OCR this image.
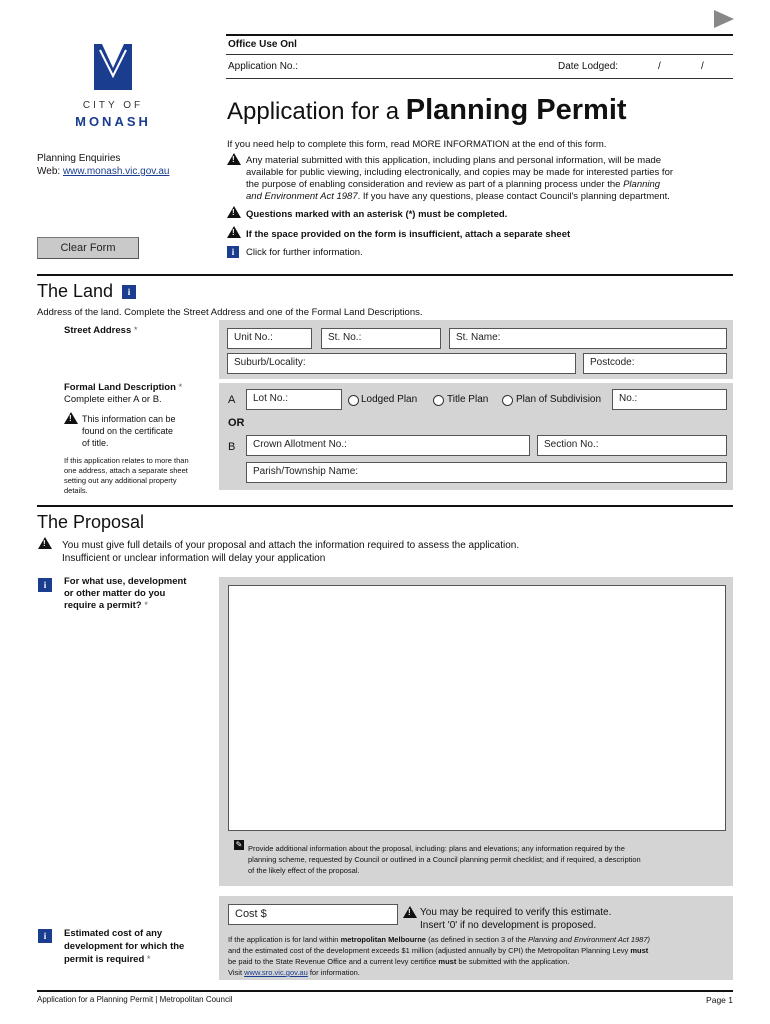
CITY OF
MONASH
Planning Enquiries
Web: www.monash.vic.gov.au
Clear Form
Office Use Onl
Application No.:	Date Lodged:	/	/
Application for a Planning Permit
If you need help to complete this form, read MORE INFORMATION at the end of this form.
!
Any material submitted with this application, including plans and personal information, will be made
available for public viewing, including electronically, and copies may be made for interested parties for
the purpose of enabling consideration and review as part of a planning process under the Planning
and Environment Act 1987. If you have any questions, please contact Council's planning department.
!
Questions marked with an asterisk (*) must be completed.
!
If the space provided on the form is insufficient, attach a separate sheet
i	Click for further information.
The Land	i
Address of the land. Complete the Street Address and one of the Formal Land Descriptions.
Street Address *
Unit No.:	St. No.:	St. Name:
Suburb/Locality:	Postcode:
Formal Land Description *
Complete either A or B.
!
This information can be
found on the certificate
of title.
If this application relates to more than
one address, attach a separate sheet
setting out any additional property
details.
A	Lot No.:	Lodged Plan	Title Plan	Plan of Subdivision	No.:
OR
B	Crown Allotment No.:	Section No.:
Parish/Township Name:
The Proposal
!
You must give full details of your proposal and attach the information required to assess the application.
Insufficient or unclear information will delay your application
i	For what use, development
or other matter do you
require a permit? *
✎ Provide additional information about the proposal, including: plans and elevations; any information required by the
planning scheme, requested by Council or outlined in a Council planning permit checklist; and if required, a description
of the likely effect of the proposal.
i	Estimated cost of any
development for which the
permit is required *
Cost $
!	You may be required to verify this estimate.
Insert '0' if no development is proposed.
If the application is for land within metropolitan Melbourne (as defined in section 3 of the Planning and Environment Act 1987)
and the estimated cost of the development exceeds $1 million (adjusted annually by CPI) the Metropolitan Planning Levy must
be paid to the State Revenue Office and a current levy certifice must be submitted with the application.
Visit www.sro.vic.gov.au for information.
Application for a Planning Permit | Metropolitan Council	Page 1
